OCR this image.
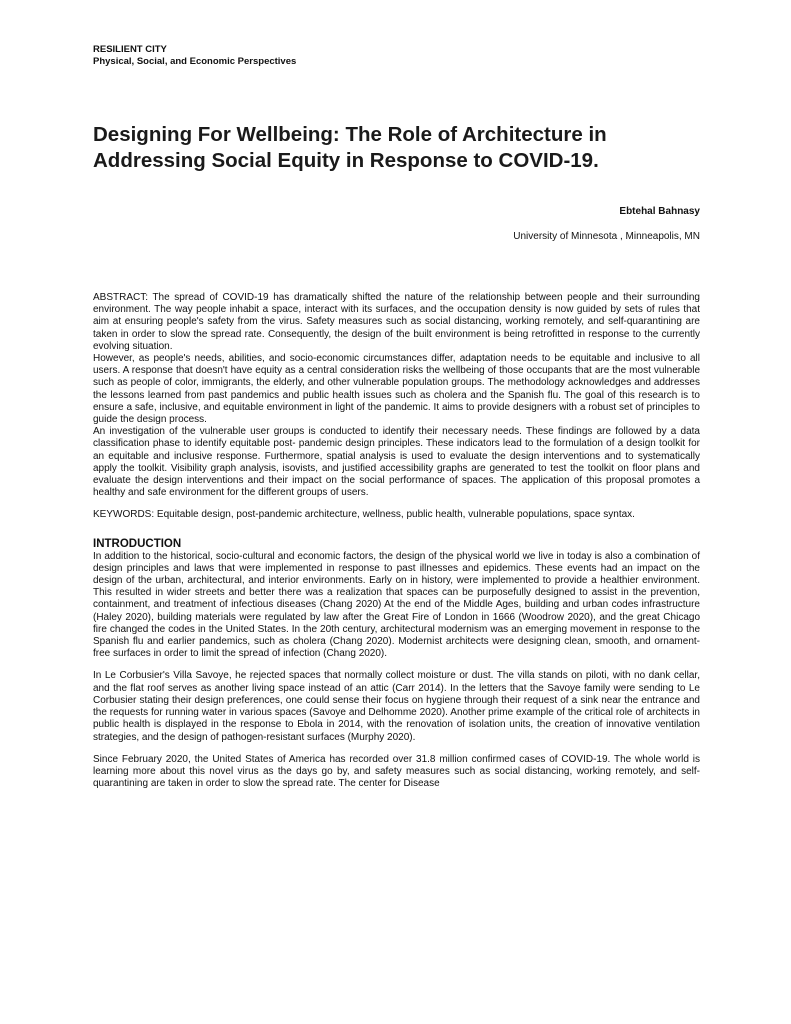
RESILIENT CITY
Physical, Social, and Economic Perspectives
Designing For Wellbeing: The Role of Architecture in Addressing Social Equity in Response to COVID-19.
Ebtehal Bahnasy
University of Minnesota , Minneapolis, MN

ABSTRACT: The spread of COVID-19 has dramatically shifted the nature of the relationship between people and their surrounding environment. The way people inhabit a space, interact with its surfaces, and the occupation density is now guided by sets of rules that aim at ensuring people's safety from the virus. Safety measures such as social distancing, working remotely, and self-quarantining are taken in order to slow the spread rate. Consequently, the design of the built environment is being retrofitted in response to the currently evolving situation.

However, as people's needs, abilities, and socio-economic circumstances differ, adaptation needs to be equitable and inclusive to all users. A response that doesn't have equity as a central consideration risks the wellbeing of those occupants that are the most vulnerable such as people of color, immigrants, the elderly, and other vulnerable population groups. The methodology acknowledges and addresses the lessons learned from past pandemics and public health issues such as cholera and the Spanish flu. The goal of this research is to ensure a safe, inclusive, and equitable environment in light of the pandemic. It aims to provide designers with a robust set of principles to guide the design process.

An investigation of the vulnerable user groups is conducted to identify their necessary needs. These findings are followed by a data classification phase to identify equitable post- pandemic design principles. These indicators lead to the formulation of a design toolkit for an equitable and inclusive response. Furthermore, spatial analysis is used to evaluate the design interventions and to systematically apply the toolkit. Visibility graph analysis, isovists, and justified accessibility graphs are generated to test the toolkit on floor plans and evaluate the design interventions and their impact on the social performance of spaces. The application of this proposal promotes a healthy and safe environment for the different groups of users.

KEYWORDS: Equitable design, post-pandemic architecture, wellness, public health, vulnerable populations, space syntax.

INTRODUCTION

In addition to the historical, socio-cultural and economic factors, the design of the physical world we live in today is also a combination of design principles and laws that were implemented in response to past illnesses and epidemics. These events had an impact on the design of the urban, architectural, and interior environments. Early on in history, were implemented to provide a healthier environment. This resulted in wider streets and better there was a realization that spaces can be purposefully designed to assist in the prevention, containment, and treatment of infectious diseases (Chang 2020) At the end of the Middle Ages, building and urban codes infrastructure (Haley 2020), building materials were regulated by law after the Great Fire of London in 1666 (Woodrow 2020), and the great Chicago fire changed the codes in the United States. In the 20th century, architectural modernism was an emerging movement in response to the Spanish flu and earlier pandemics, such as cholera (Chang 2020). Modernist architects were designing clean, smooth, and ornament-free surfaces in order to limit the spread of infection (Chang 2020).

In Le Corbusier's Villa Savoye, he rejected spaces that normally collect moisture or dust. The villa stands on piloti, with no dank cellar, and the flat roof serves as another living space instead of an attic (Carr 2014). In the letters that the Savoye family were sending to Le Corbusier stating their design preferences, one could sense their focus on hygiene through their request of a sink near the entrance and the requests for running water in various spaces (Savoye and Delhomme 2020). Another prime example of the critical role of architects in public health is displayed in the response to Ebola in 2014, with the renovation of isolation units, the creation of innovative ventilation strategies, and the design of pathogen-resistant surfaces (Murphy 2020).

Since February 2020, the United States of America has recorded over 31.8 million confirmed cases of COVID-19. The whole world is learning more about this novel virus as the days go by, and safety measures such as social distancing, working remotely, and self-quarantining are taken in order to slow the spread rate. The center for Disease
